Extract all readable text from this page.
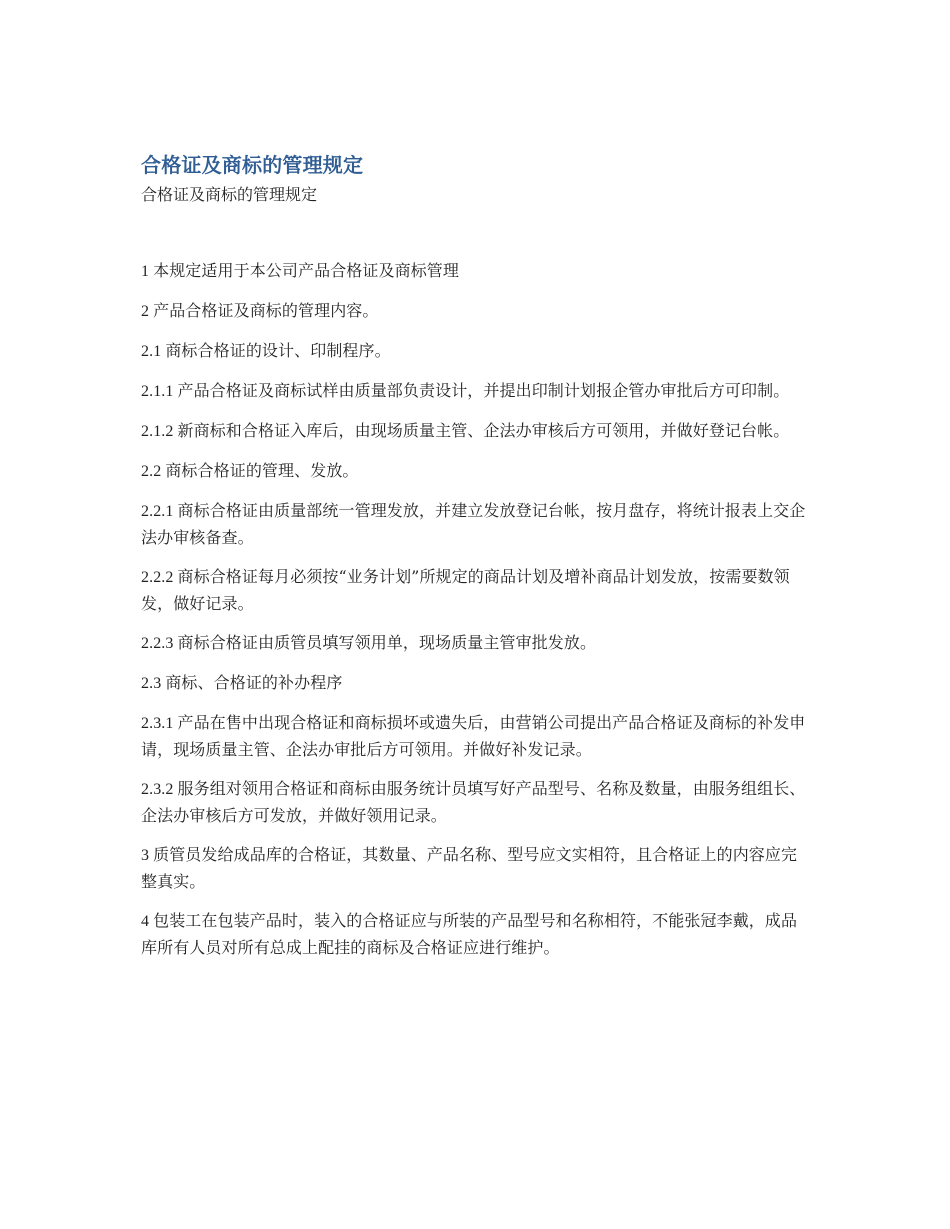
合格证及商标的管理规定
合格证及商标的管理规定

1 本规定适用于本公司产品合格证及商标管理

2 产品合格证及商标的管理内容。

2.1 商标合格证的设计、印制程序。

2.1.1 产品合格证及商标试样由质量部负责设计，并提出印制计划报企管办审批后方可印制。

2.1.2 新商标和合格证入库后，由现场质量主管、企法办审核后方可领用，并做好登记台帐。

2.2 商标合格证的管理、发放。

2.2.1 商标合格证由质量部统一管理发放，并建立发放登记台帐，按月盘存，将统计报表上交企法办审核备查。

2.2.2 商标合格证每月必须按“业务计划”所规定的商品计划及增补商品计划发放，按需要数领发，做好记录。

2.2.3 商标合格证由质管员填写领用单，现场质量主管审批发放。

2.3 商标、合格证的补办程序

2.3.1 产品在售中出现合格证和商标损坏或遗失后，由营销公司提出产品合格证及商标的补发申请，现场质量主管、企法办审批后方可领用。并做好补发记录。

2.3.2 服务组对领用合格证和商标由服务统计员填写好产品型号、名称及数量，由服务组组长、企法办审核后方可发放，并做好领用记录。

3 质管员发给成品库的合格证，其数量、产品名称、型号应文实相符，且合格证上的内容应完整真实。

4 包装工在包装产品时，装入的合格证应与所装的产品型号和名称相符，不能张冠李戴，成品库所有人员对所有总成上配挂的商标及合格证应进行维护。
